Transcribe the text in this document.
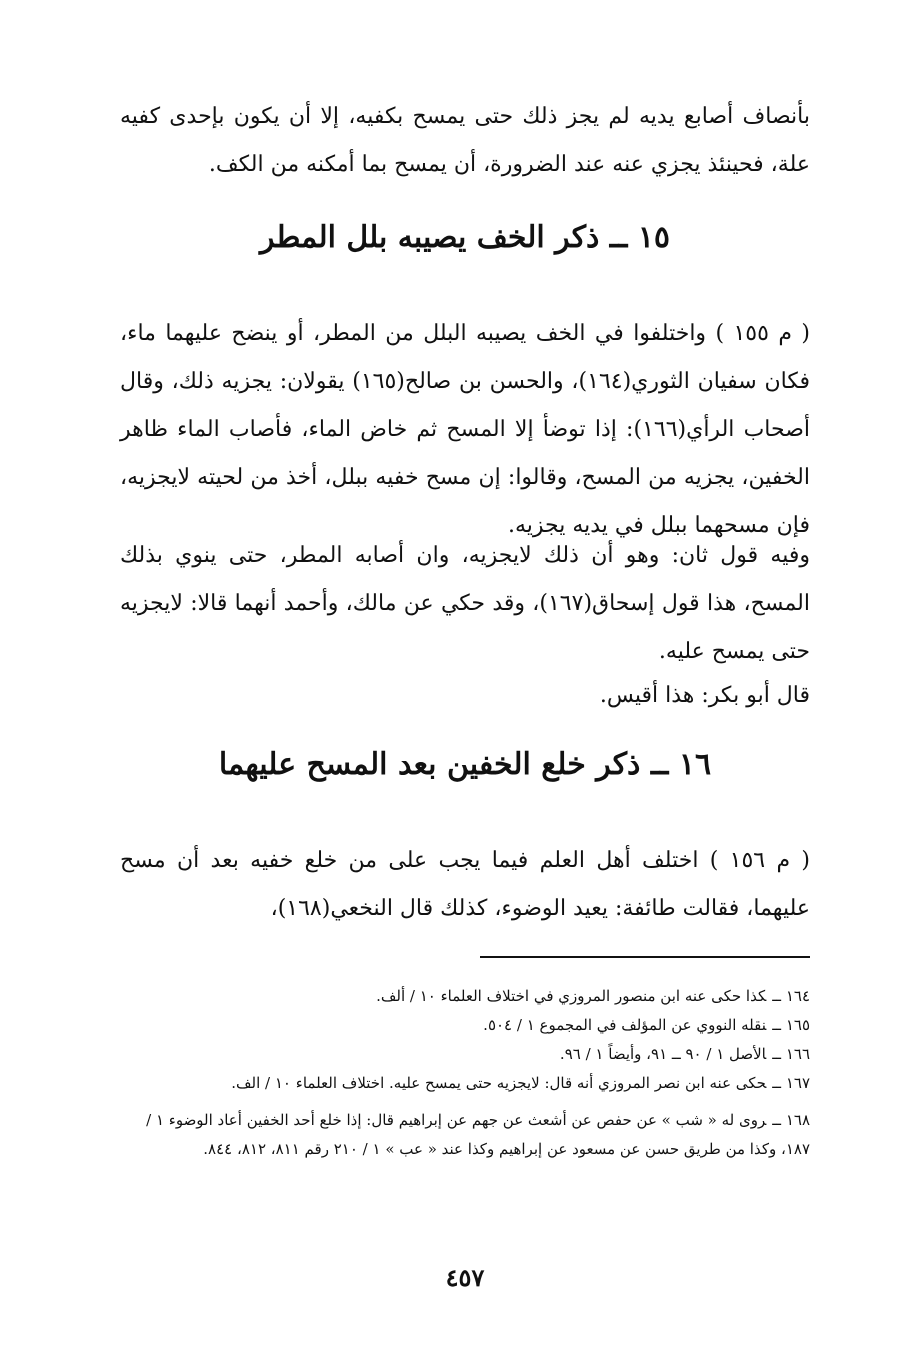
بأنصاف أصابع يديه لم يجز ذلك حتى يمسح بكفيه، إلا أن يكون بإحدى كفيه علة، فحينئذ يجزي عنه عند الضرورة، أن يمسح بما أمكنه من الكف.

١٥ ــ ذكر الخف يصيبه بلل المطر

( م ١٥٥ ) واختلفوا في الخف يصيبه البلل من المطر، أو ينضح عليهما ماء، فكان سفيان الثوري(١٦٤)، والحسن بن صالح(١٦٥) يقولان: يجزيه ذلك، وقال أصحاب الرأي(١٦٦): إذا توضأ إلا المسح ثم خاض الماء، فأصاب الماء ظاهر الخفين، يجزيه من المسح، وقالوا: إن مسح خفيه ببلل، أخذ من لحيته لايجزيه، فإن مسحهما ببلل في يديه يجزيه.

وفيه قول ثان: وهو أن ذلك لايجزيه، وان أصابه المطر، حتى ينوي بذلك المسح، هذا قول إسحاق(١٦٧)، وقد حكي عن مالك، وأحمد أنهما قالا: لايجزيه حتى يمسح عليه.

قال أبو بكر: هذا أقيس.

١٦ ــ ذكر خلع الخفين بعد المسح عليهما

( م ١٥٦ ) اختلف أهل العلم فيما يجب على من خلع خفيه بعد أن مسح عليهما، فقالت طائفة: يعيد الوضوء، كذلك قال النخعي(١٦٨)،

١٦٤ ــكذا حكى عنه ابن منصور المروزي في اختلاف العلماء ١٠ / ألف.

١٦٥ ــنقله النووي عن المؤلف في المجموع ١ / ٥٠٤.

١٦٦ ــالأصل ١ / ٩٠ ــ ٩١، وأيضاً ١ / ٩٦.

١٦٧ ــحكى عنه ابن نصر المروزي أنه قال: لايجزيه حتى يمسح عليه. اختلاف العلماء ١٠ / الف.

١٦٨ ــروى له « شب » عن حفص عن أشعث عن جهم عن إبراهيم قال: إذا خلع أحد الخفين أعاد الوضوء ١ / ١٨٧، وكذا من طريق حسن عن مسعود عن إبراهيم وكذا عند « عب » ١ / ٢١٠ رقم ٨١١، ٨١٢، ٨٤٤.

٤٥٧
